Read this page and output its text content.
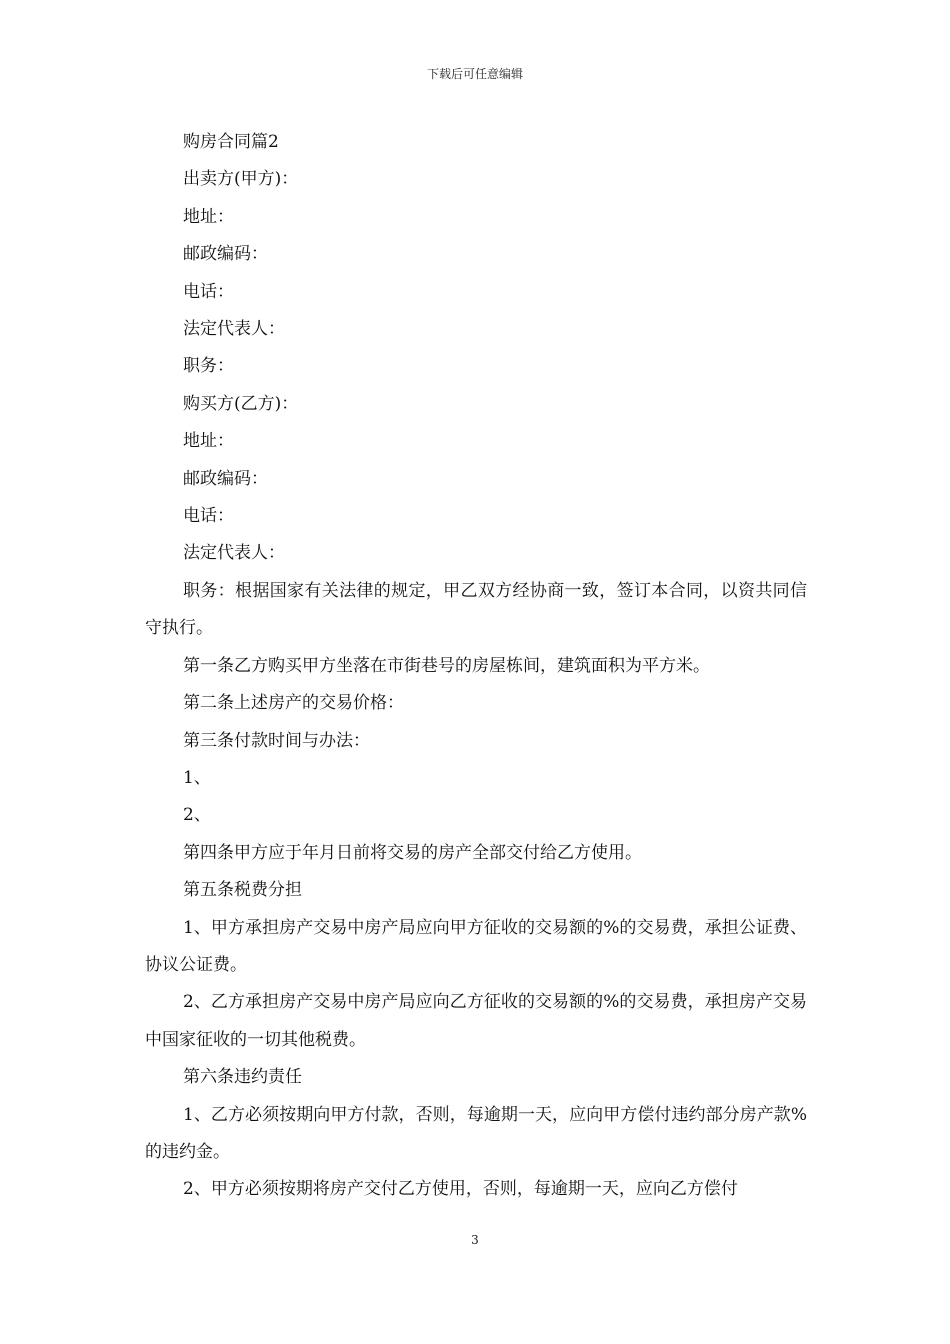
下载后可任意编辑

购房合同篇2

出卖方(甲方)：

地址：

邮政编码：

电话：

法定代表人：

职务：

购买方(乙方)：

地址：

邮政编码：

电话：

法定代表人：

职务：根据国家有关法律的规定，甲乙双方经协商一致，签订本合同，以资共同信守执行。

第一条乙方购买甲方坐落在市街巷号的房屋栋间，建筑面积为平方米。

第二条上述房产的交易价格：

第三条付款时间与办法：

1、

2、

第四条甲方应于年月日前将交易的房产全部交付给乙方使用。

第五条税费分担

1、甲方承担房产交易中房产局应向甲方征收的交易额的%的交易费，承担公证费、协议公证费。

2、乙方承担房产交易中房产局应向乙方征收的交易额的%的交易费，承担房产交易中国家征收的一切其他税费。

第六条违约责任

1、乙方必须按期向甲方付款，否则，每逾期一天，应向甲方偿付违约部分房产款%的违约金。

2、甲方必须按期将房产交付乙方使用，否则，每逾期一天，应向乙方偿付

3
